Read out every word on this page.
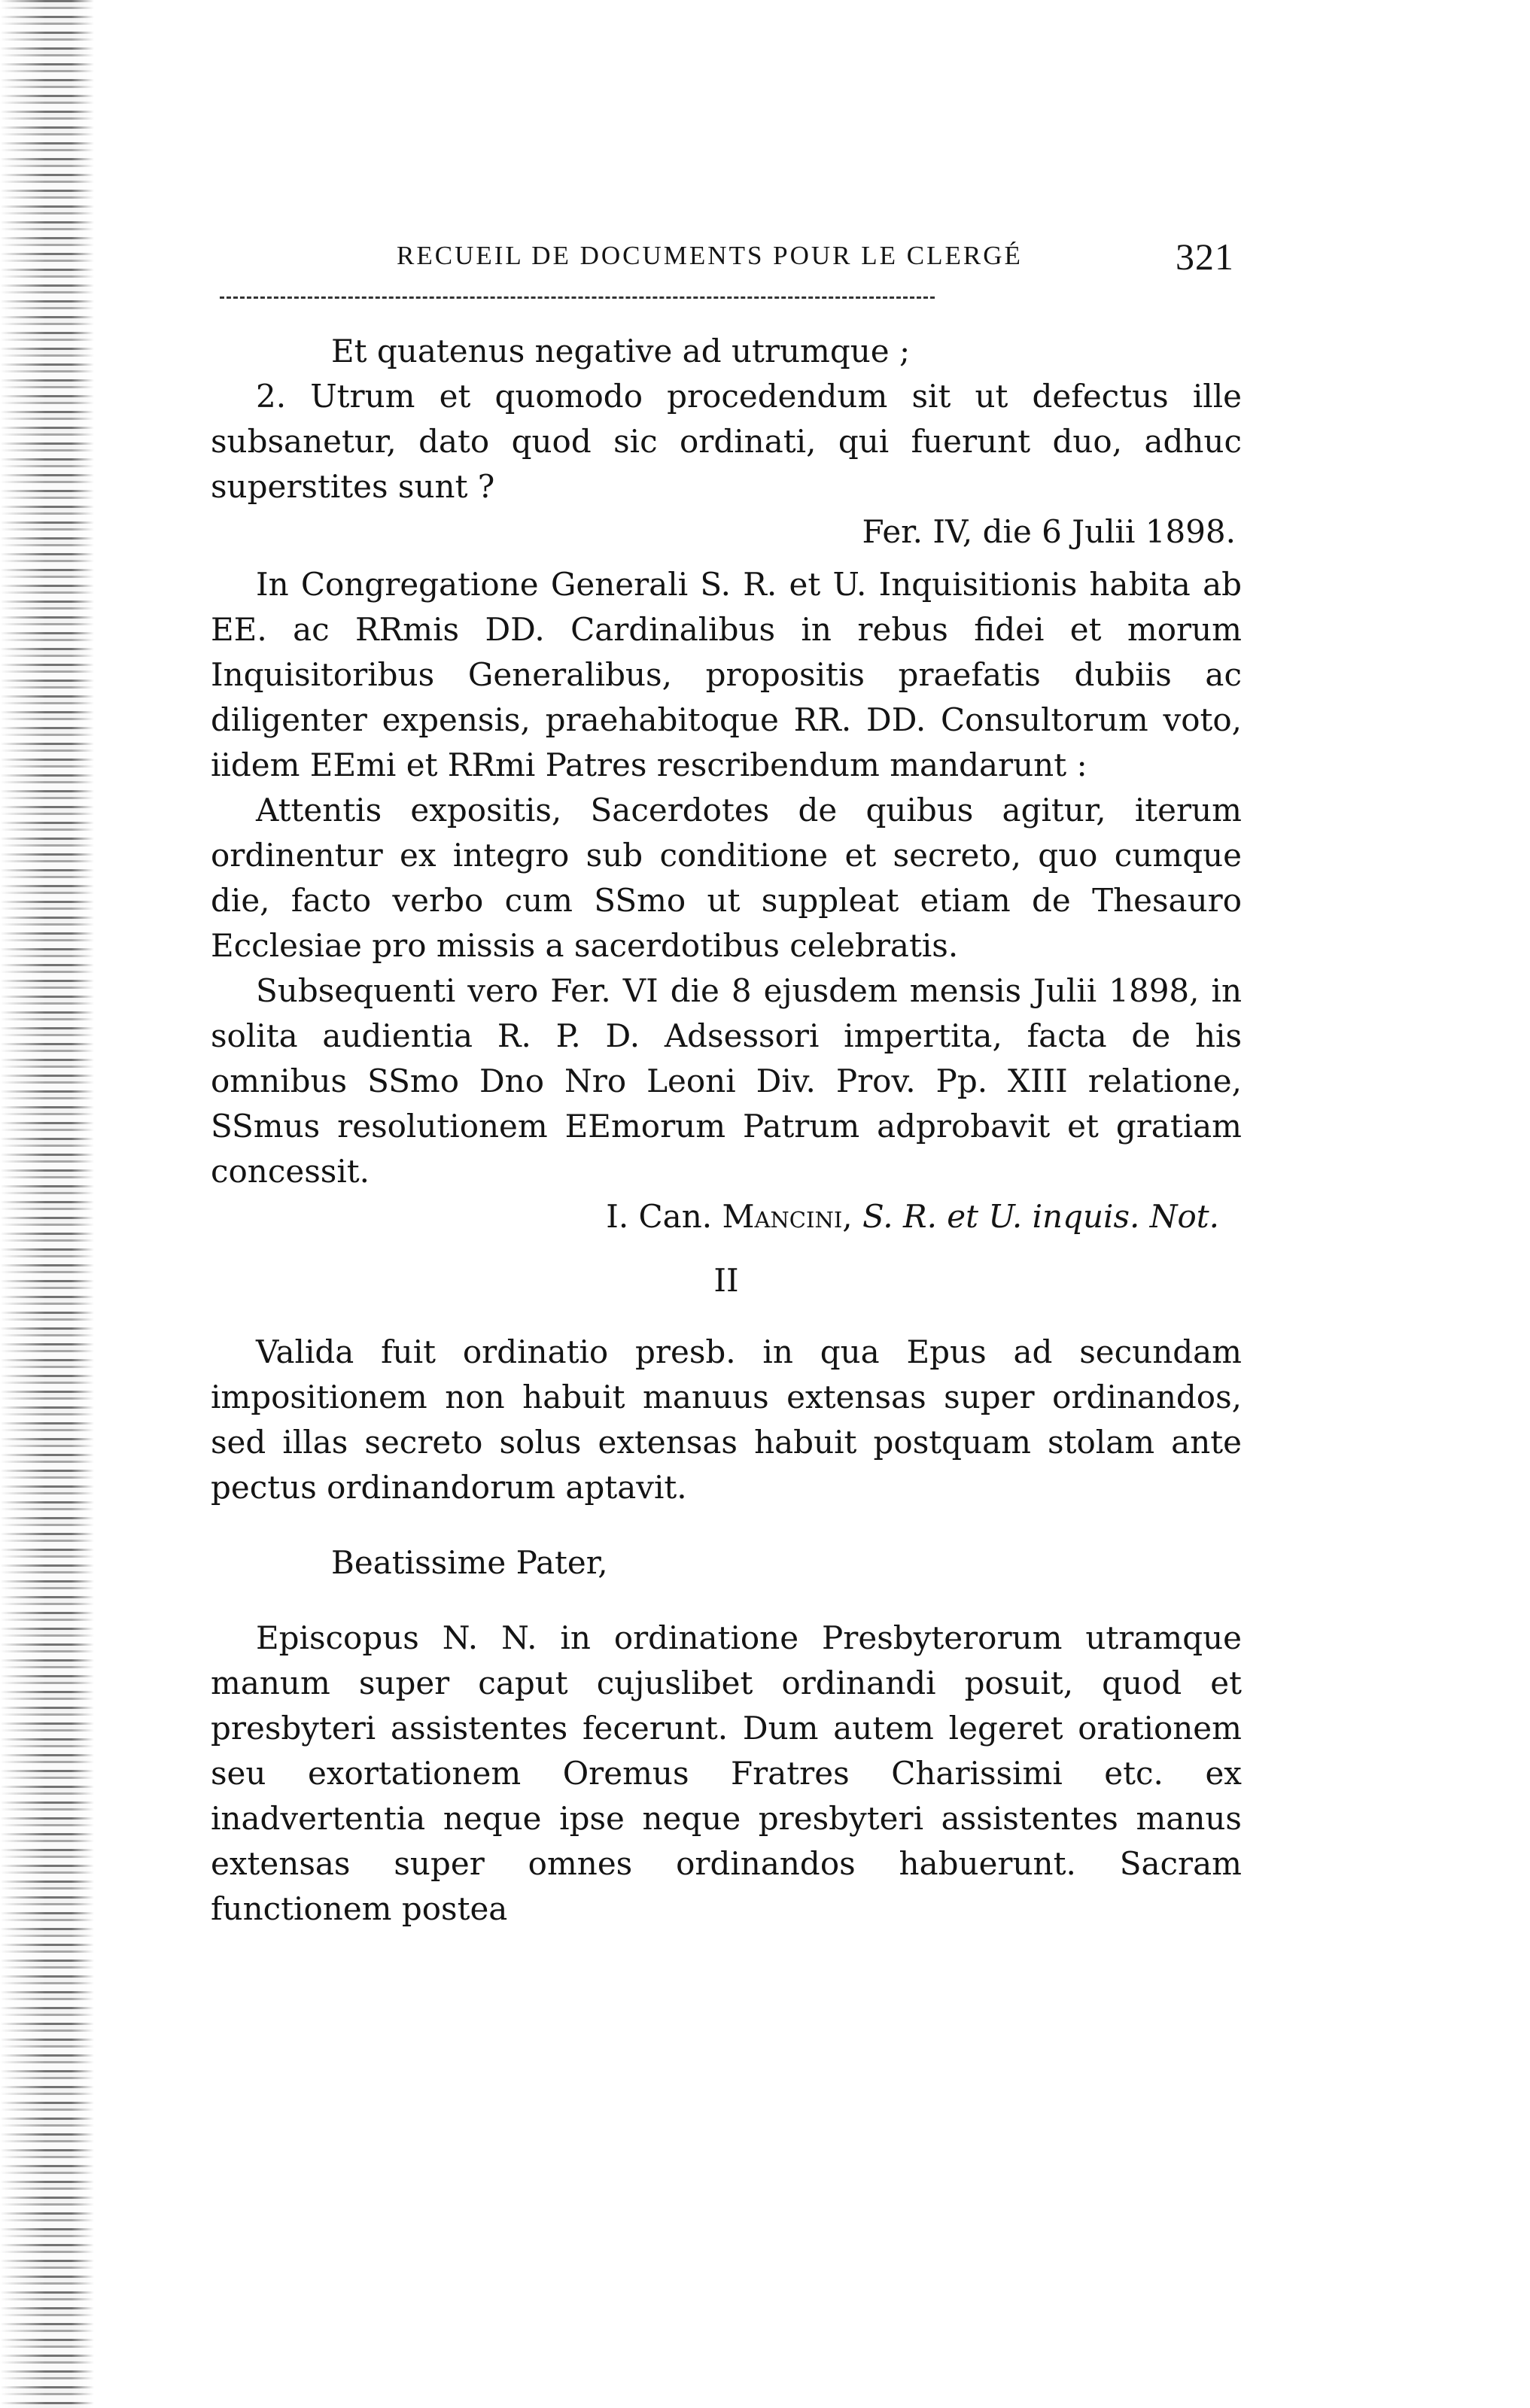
RECUEIL DE DOCUMENTS POUR LE CLERGÉ	321

Et quatenus negative ad utrumque ;

2. Utrum et quomodo procedendum sit ut defectus ille subsanetur, dato quod sic ordinati, qui fuerunt duo, adhuc superstites sunt ?

Fer. IV, die 6 Julii 1898.

In Congregatione Generali S. R. et U. Inquisitionis habita ab EE. ac RRmis DD. Cardinalibus in rebus fidei et morum Inquisitoribus Generalibus, propositis praefatis dubiis ac diligenter expensis, praehabitoque RR. DD. Consultorum voto, iidem EEmi et RRmi Patres rescribendum mandarunt :

Attentis expositis, Sacerdotes de quibus agitur, iterum ordinentur ex integro sub conditione et secreto, quo cumque die, facto verbo cum SSmo ut suppleat etiam de Thesauro Ecclesiae pro missis a sacerdotibus celebratis.

Subsequenti vero Fer. VI die 8 ejusdem mensis Julii 1898, in solita audientia R. P. D. Adsessori impertita, facta de his omnibus SSmo Dno Nro Leoni Div. Prov. Pp. XIII relatione, SSmus resolutionem EEmorum Patrum adprobavit et gratiam concessit.

I. Can. Mancini, S. R. et U. inquis. Not.

II

Valida fuit ordinatio presb. in qua Epus ad secundam impositionem non habuit manuus extensas super ordinandos, sed illas secreto solus extensas habuit postquam stolam ante pectus ordinandorum aptavit.

Beatissime Pater,

Episcopus N. N. in ordinatione Presbyterorum utramque manum super caput cujuslibet ordinandi posuit, quod et presbyteri assistentes fecerunt. Dum autem legeret orationem seu exortationem Oremus Fratres Charissimi etc. ex inadvertentia neque ipse neque presbyteri assistentes manus extensas super omnes ordinandos habuerunt. Sacram functionem postea
